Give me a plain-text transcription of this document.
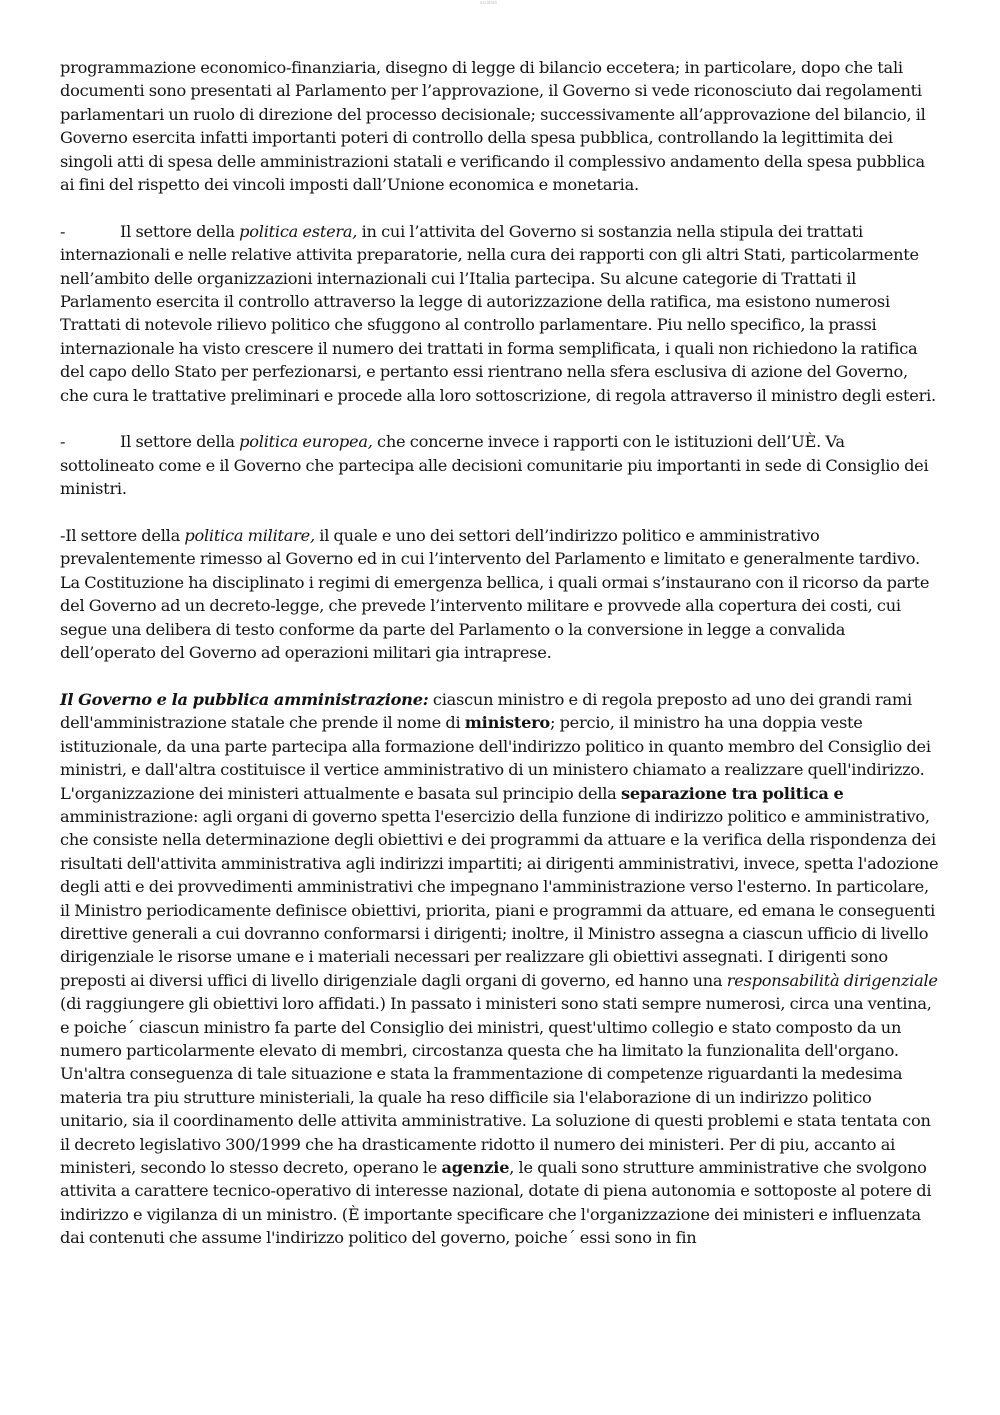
ascidant

programmazione economico-finanziaria, disegno di legge di bilancio eccetera; in particolare, dopo che tali documenti sono presentati al Parlamento per l’approvazione, il Governo si vede riconosciuto dai regolamenti parlamentari un ruolo di direzione del processo decisionale; successivamente all’approvazione del bilancio, il Governo esercita infatti importanti poteri di controllo della spesa pubblica, controllando la legittimita dei singoli atti di spesa delle amministrazioni statali e verificando il complessivo andamento della spesa pubblica ai fini del rispetto dei vincoli imposti dall’Unione economica e monetaria.

-	Il settore della politica estera, in cui l’attivita del Governo si sostanzia nella stipula dei trattati
internazionali e nelle relative attivita preparatorie, nella cura dei rapporti con gli altri Stati, particolarmente nell’ambito delle organizzazioni internazionali cui l’Italia partecipa. Su alcune categorie di Trattati il Parlamento esercita il controllo attraverso la legge di autorizzazione della ratifica, ma esistono numerosi Trattati di notevole rilievo politico che sfuggono al controllo parlamentare. Piu nello specifico, la prassi internazionale ha visto crescere il numero dei trattati in forma semplificata, i quali non richiedono la ratifica del capo dello Stato per perfezionarsi, e pertanto essi rientrano nella sfera esclusiva di azione del Governo, che cura le trattative preliminari e procede alla loro sottoscrizione, di regola attraverso il ministro degli esteri.
-	Il settore della politica europea, che concerne invece i rapporti con le istituzioni dell’UÈ. Va
sottolineato come e il Governo che partecipa alle decisioni comunitarie piu importanti in sede di Consiglio dei ministri.

-Il settore della politica militare, il quale e uno dei settori dell’indirizzo politico e amministrativo prevalentemente rimesso al Governo ed in cui l’intervento del Parlamento e limitato e generalmente tardivo. La Costituzione ha disciplinato i regimi di emergenza bellica, i quali ormai s’instaurano con il ricorso da parte del Governo ad un decreto-legge, che prevede l’intervento militare e provvede alla copertura dei costi, cui segue una delibera di testo conforme da parte del Parlamento o la conversione in legge a convalida dell’operato del Governo ad operazioni militari gia intraprese.

Il Governo e la pubblica amministrazione: ciascun ministro e di regola preposto ad uno dei grandi rami dell'amministrazione statale che prende il nome di ministero; percio, il ministro ha una doppia veste istituzionale, da una parte partecipa alla formazione dell'indirizzo politico in quanto membro del Consiglio dei ministri, e dall'altra costituisce il vertice amministrativo di un ministero chiamato a realizzare quell'indirizzo. L'organizzazione dei ministeri attualmente e basata sul principio della separazione tra politica e amministrazione: agli organi di governo spetta l'esercizio della funzione di indirizzo politico e amministrativo, che consiste nella determinazione degli obiettivi e dei programmi da attuare e la verifica della rispondenza dei risultati dell'attivita amministrativa agli indirizzi impartiti; ai dirigenti amministrativi, invece, spetta l'adozione degli atti e dei provvedimenti amministrativi che impegnano l'amministrazione verso l'esterno. In particolare, il Ministro periodicamente definisce obiettivi, priorita, piani e programmi da attuare, ed emana le conseguenti direttive generali a cui dovranno conformarsi i dirigenti; inoltre, il Ministro assegna a ciascun ufficio di livello dirigenziale le risorse umane e i materiali necessari per realizzare gli obiettivi assegnati. I dirigenti sono preposti ai diversi uffici di livello dirigenziale dagli organi di governo, ed hanno una responsabilità dirigenziale (di raggiungere gli obiettivi loro affidati.) In passato i ministeri sono stati sempre numerosi, circa una ventina, e poiche´ ciascun ministro fa parte del Consiglio dei ministri, quest'ultimo collegio e stato composto da un numero particolarmente elevato di membri, circostanza questa che ha limitato la funzionalita dell'organo. Un'altra conseguenza di tale situazione e stata la frammentazione di competenze riguardanti la medesima materia tra piu strutture ministeriali, la quale ha reso difficile sia l'elaborazione di un indirizzo politico unitario, sia il coordinamento delle attivita amministrative. La soluzione di questi problemi e stata tentata con il decreto legislativo 300/1999 che ha drasticamente ridotto il numero dei ministeri. Per di piu, accanto ai ministeri, secondo lo stesso decreto, operano le agenzie, le quali sono strutture amministrative che svolgono attivita a carattere tecnico-operativo di interesse nazional, dotate di piena autonomia e sottoposte al potere di indirizzo e vigilanza di un ministro. (È importante specificare che l'organizzazione dei ministeri e influenzata dai contenuti che assume l'indirizzo politico del governo, poiche´ essi sono in fin
